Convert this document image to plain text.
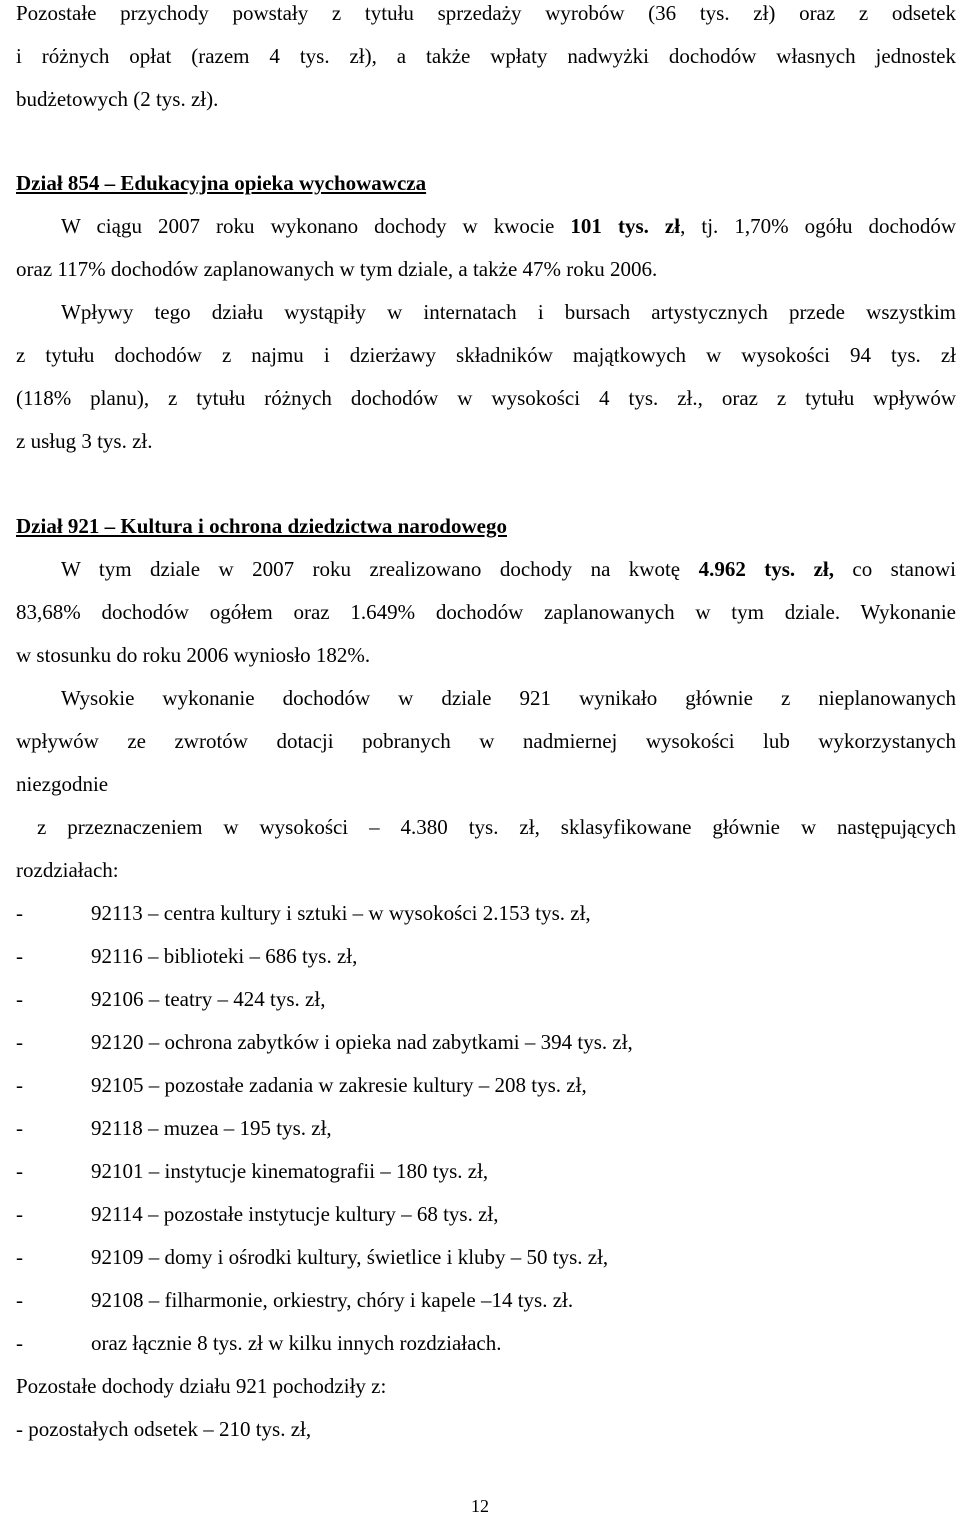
Pozostałe przychody powstały z tytułu sprzedaży wyrobów (36 tys. zł) oraz z odsetek
i różnych opłat (razem 4 tys. zł), a także wpłaty nadwyżki dochodów własnych jednostek
budżetowych (2 tys. zł).
Dział 854 – Edukacyjna opieka wychowawcza
W ciągu 2007 roku wykonano dochody w kwocie 101 tys. zł, tj. 1,70% ogółu dochodów
oraz 117% dochodów zaplanowanych w tym dziale, a także 47% roku 2006.
Wpływy tego działu wystąpiły w internatach i bursach artystycznych przede wszystkim
z tytułu dochodów z najmu i dzierżawy składników majątkowych w wysokości 94 tys. zł
(118% planu), z tytułu różnych dochodów w wysokości 4 tys. zł., oraz z tytułu wpływów
z usług 3 tys. zł.
Dział 921 – Kultura i ochrona dziedzictwa narodowego
W tym dziale w 2007 roku zrealizowano dochody na kwotę 4.962 tys. zł, co stanowi
83,68% dochodów ogółem oraz 1.649% dochodów zaplanowanych w tym dziale. Wykonanie
w stosunku do roku 2006 wyniosło 182%.
Wysokie wykonanie dochodów w dziale 921 wynikało głównie z nieplanowanych
wpływów ze zwrotów dotacji pobranych w nadmiernej wysokości lub wykorzystanych
niezgodnie
z przeznaczeniem w wysokości – 4.380 tys. zł, sklasyfikowane głównie w następujących
rozdziałach:
-	92113 – centra kultury i sztuki – w wysokości 2.153 tys. zł,
-	92116 – biblioteki – 686 tys. zł,
-	92106 – teatry – 424 tys. zł,
-	92120 – ochrona zabytków i opieka nad zabytkami – 394 tys. zł,
-	92105 – pozostałe zadania w zakresie kultury – 208 tys. zł,
-	92118 – muzea – 195 tys. zł,
-	92101 – instytucje kinematografii – 180 tys. zł,
-	92114 – pozostałe instytucje kultury – 68 tys. zł,
-	92109 – domy i ośrodki kultury, świetlice i kluby – 50 tys. zł,
-	92108 – filharmonie, orkiestry, chóry i kapele –14 tys. zł.
-	oraz łącznie 8 tys. zł w kilku innych rozdziałach.
Pozostałe dochody działu 921 pochodziły z:
- pozostałych odsetek – 210 tys. zł,
12
